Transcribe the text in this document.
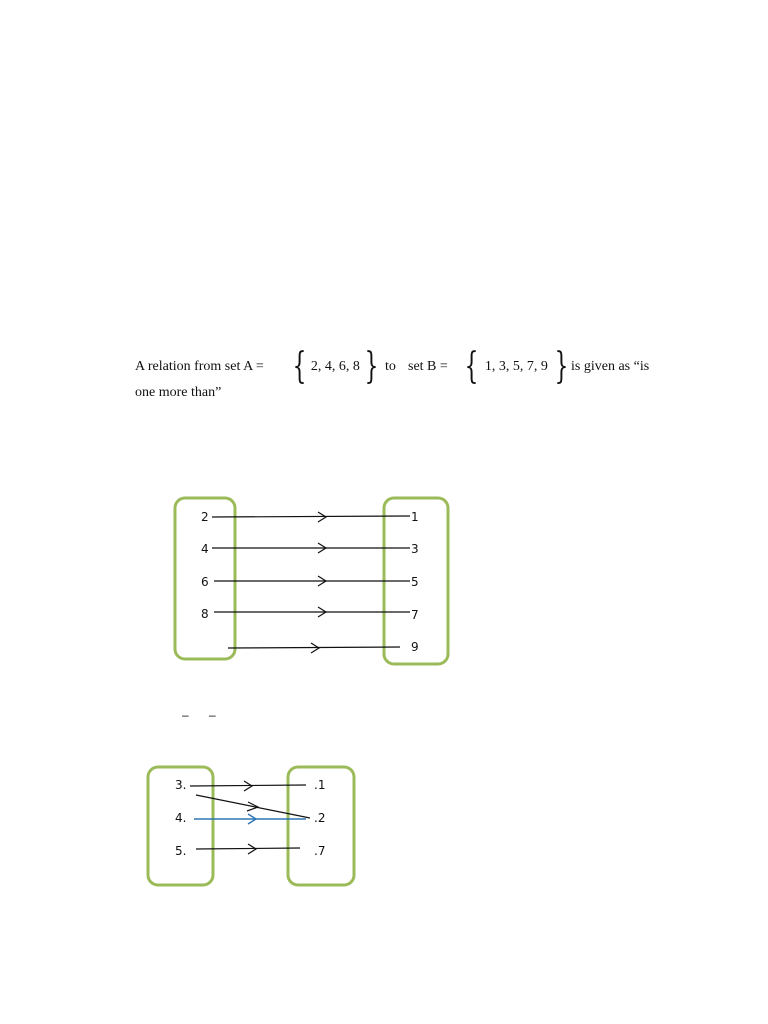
A relation from set A = { 2, 4, 6, 8 } to set B = { 1, 3, 5, 7, 9 } is given as “is
one more than”
2
4
6
8
1
3
5
7
9
3.
4.
5.
.1
.2
.7
– –
